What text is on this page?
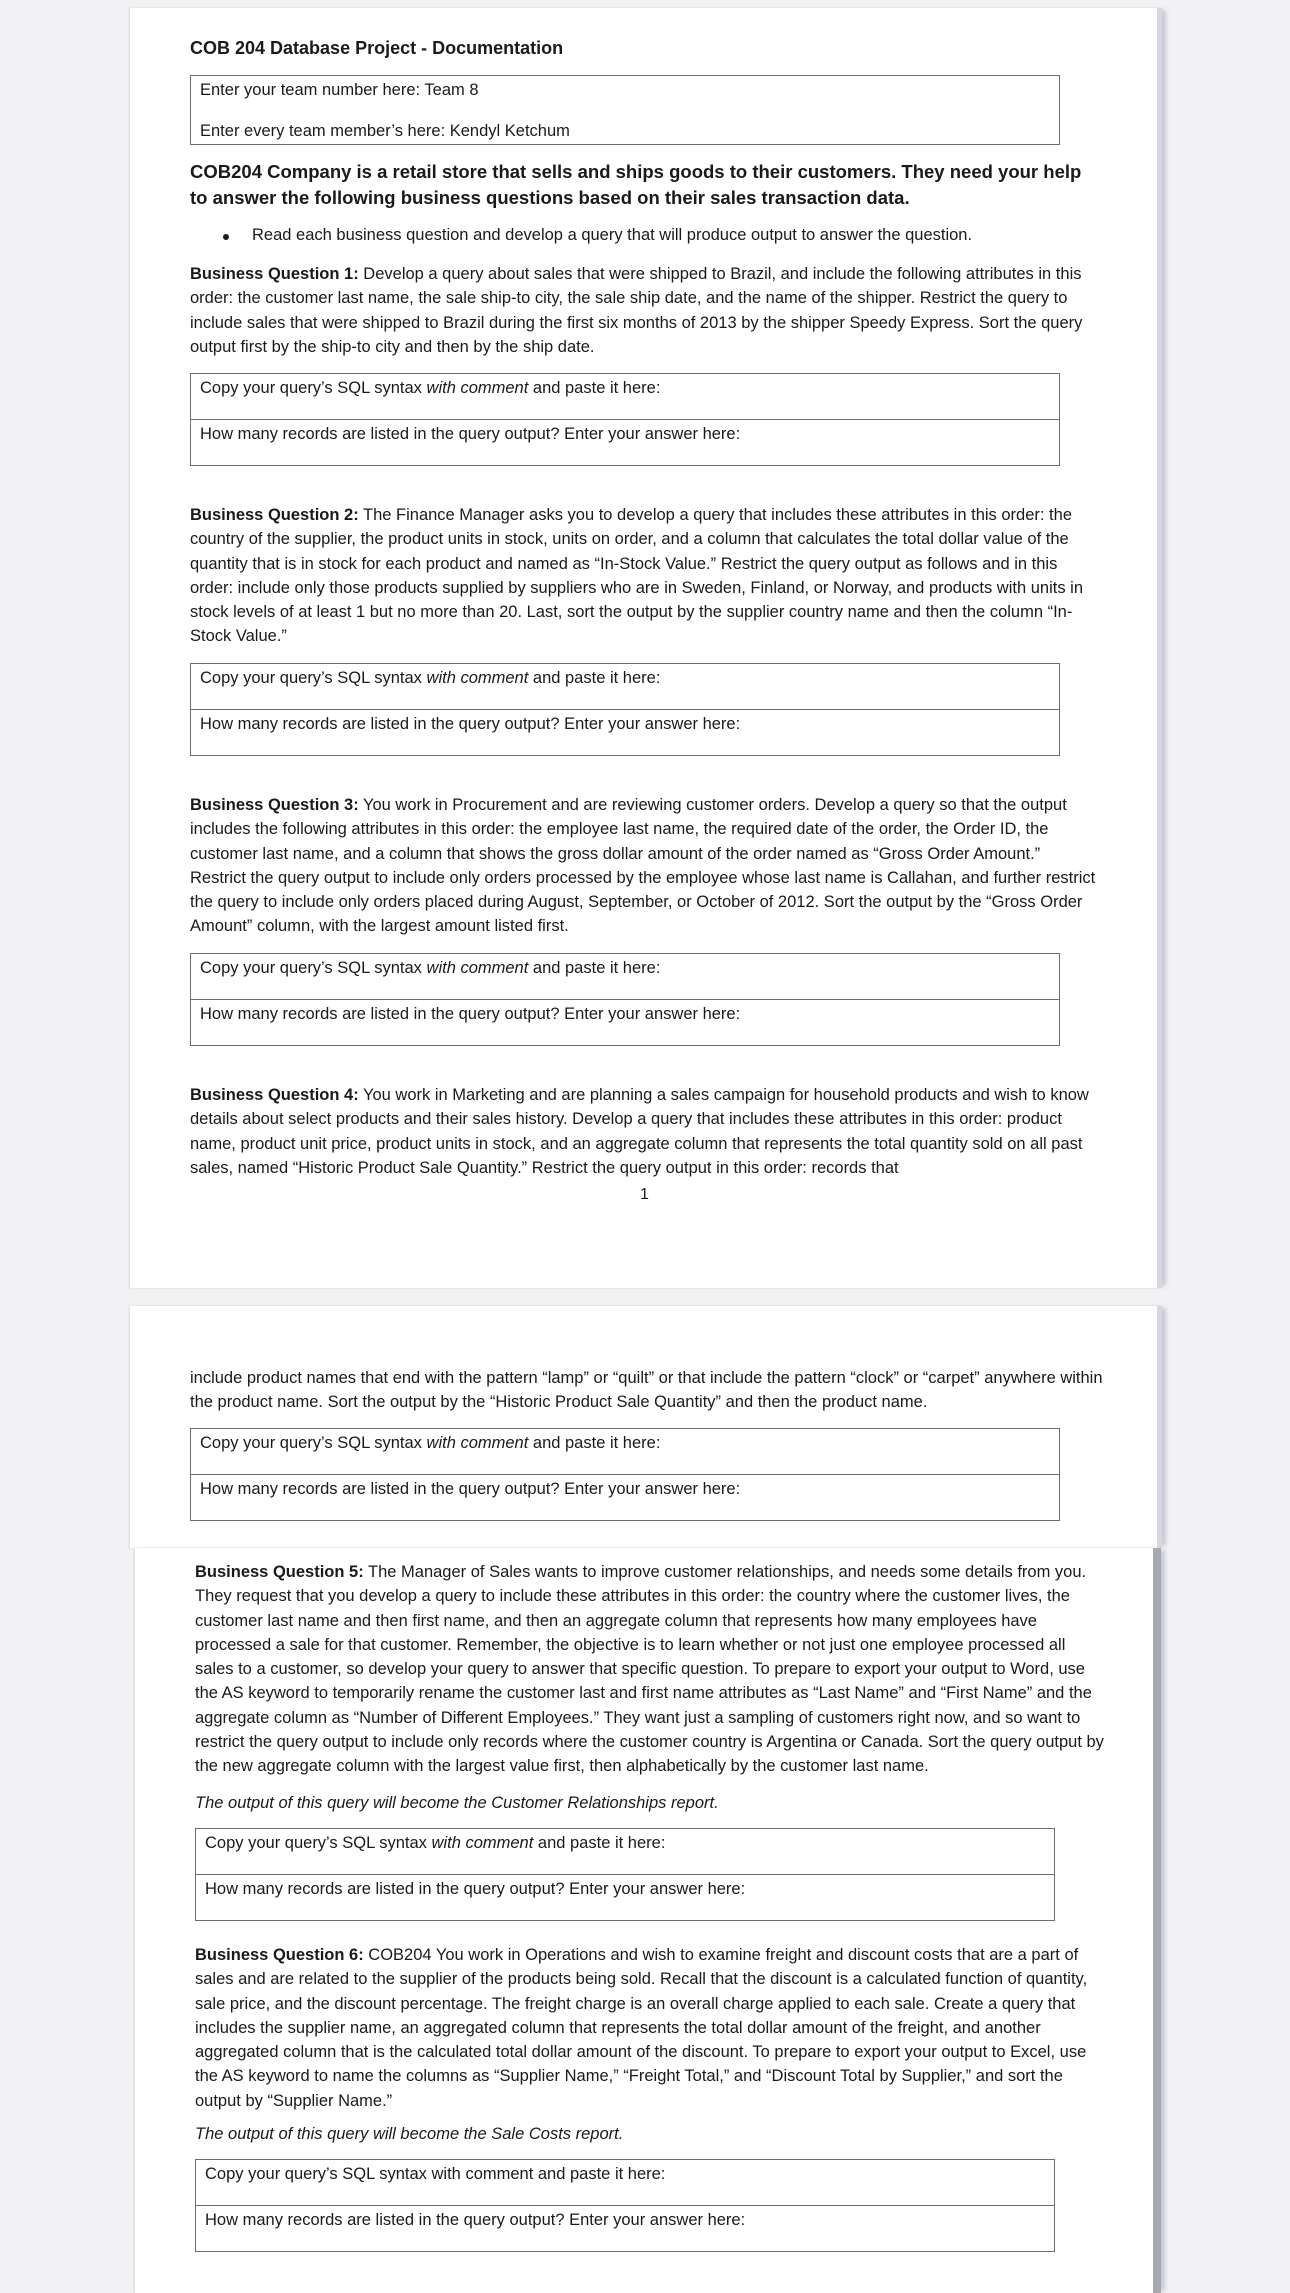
COB 204 Database Project - Documentation

Enter your team number here: Team 8
Enter every team member’s here: Kendyl Ketchum

COB204 Company is a retail store that sells and ships goods to their customers. They need your help to answer the following business questions based on their sales transaction data.

Read each business question and develop a query that will produce output to answer the question.

Business Question 1: Develop a query about sales that were shipped to Brazil, and include the following attributes in this order: the customer last name, the sale ship-to city, the sale ship date, and the name of the shipper. Restrict the query to include sales that were shipped to Brazil during the first six months of 2013 by the shipper Speedy Express. Sort the query output first by the ship-to city and then by the ship date.

Copy your query’s SQL syntax with comment and paste it here:
How many records are listed in the query output? Enter your answer here:

Business Question 2: The Finance Manager asks you to develop a query that includes these attributes in this order: the country of the supplier, the product units in stock, units on order, and a column that calculates the total dollar value of the quantity that is in stock for each product and named as “In-Stock Value.” Restrict the query output as follows and in this order: include only those products supplied by suppliers who are in Sweden, Finland, or Norway, and products with units in stock levels of at least 1 but no more than 20. Last, sort the output by the supplier country name and then the column “In-Stock Value.”

Copy your query’s SQL syntax with comment and paste it here:
How many records are listed in the query output? Enter your answer here:

Business Question 3: You work in Procurement and are reviewing customer orders. Develop a query so that the output includes the following attributes in this order: the employee last name, the required date of the order, the Order ID, the customer last name, and a column that shows the gross dollar amount of the order named as “Gross Order Amount.” Restrict the query output to include only orders processed by the employee whose last name is Callahan, and further restrict the query to include only orders placed during August, September, or October of 2012. Sort the output by the “Gross Order Amount” column, with the largest amount listed first.

Copy your query’s SQL syntax with comment and paste it here:
How many records are listed in the query output? Enter your answer here:

Business Question 4: You work in Marketing and are planning a sales campaign for household products and wish to know details about select products and their sales history. Develop a query that includes these attributes in this order: product name, product unit price, product units in stock, and an aggregate column that represents the total quantity sold on all past sales, named “Historic Product Sale Quantity.” Restrict the query output in this order: records that

1

include product names that end with the pattern “lamp” or “quilt” or that include the pattern “clock” or “carpet” anywhere within the product name. Sort the output by the “Historic Product Sale Quantity” and then the product name.

Copy your query’s SQL syntax with comment and paste it here:
How many records are listed in the query output? Enter your answer here:

Business Question 5: The Manager of Sales wants to improve customer relationships, and needs some details from you. They request that you develop a query to include these attributes in this order: the country where the customer lives, the customer last name and then first name, and then an aggregate column that represents how many employees have processed a sale for that customer. Remember, the objective is to learn whether or not just one employee processed all sales to a customer, so develop your query to answer that specific question. To prepare to export your output to Word, use the AS keyword to temporarily rename the customer last and first name attributes as “Last Name” and “First Name” and the aggregate column as “Number of Different Employees.” They want just a sampling of customers right now, and so want to restrict the query output to include only records where the customer country is Argentina or Canada. Sort the query output by the new aggregate column with the largest value first, then alphabetically by the customer last name.

The output of this query will become the Customer Relationships report.

Copy your query’s SQL syntax with comment and paste it here:
How many records are listed in the query output? Enter your answer here:

Business Question 6: COB204 You work in Operations and wish to examine freight and discount costs that are a part of sales and are related to the supplier of the products being sold. Recall that the discount is a calculated function of quantity, sale price, and the discount percentage. The freight charge is an overall charge applied to each sale. Create a query that includes the supplier name, an aggregated column that represents the total dollar amount of the freight, and another aggregated column that is the calculated total dollar amount of the discount. To prepare to export your output to Excel, use the AS keyword to name the columns as “Supplier Name,” “Freight Total,” and “Discount Total by Supplier,” and sort the output by “Supplier Name.”

The output of this query will become the Sale Costs report.

Copy your query’s SQL syntax with comment and paste it here:
How many records are listed in the query output? Enter your answer here:
